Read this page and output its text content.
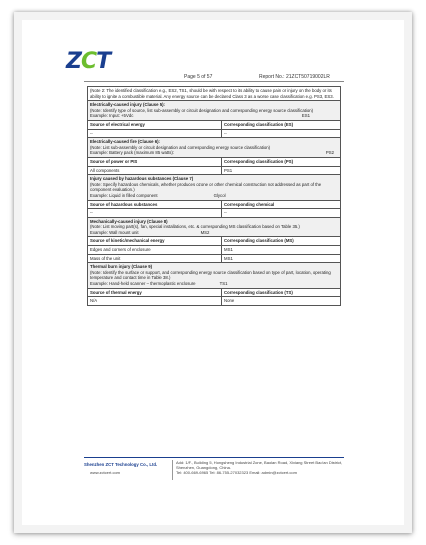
ZCT
Page 5 of 57	Report No.: 21ZCT50719002LR
(Note 2: The identified classification e.g., ES2, TS1, should be with respect to its ability to cause pain or injury on the body or its ability to ignite a combustible material. Any energy source can be declared Class 3 as a worse case classification e.g. PS3, ES3.
Electrically-caused injury (Clause 5):
(Note: Identify type of source, list sub-assembly or circuit designation and corresponding energy source classification)
Example: Input: +5Vdc	ES1
Source of electrical energy	Corresponding classification (ES)
--	--
Electrically-caused fire (Clause 6):
(Note: List sub-assembly or circuit designation and corresponding energy source classification)
Example: Battery pack (maximum 85 watts):	PS2
Source of power or PIS	Corresponding classification (PS)
All components	PS1
Injury caused by hazardous substances (Clause 7)
(Note: Specify hazardous chemicals, whether produces ozone or other chemical construction not addressed as part of the component evaluation.)
Example: Liquid in filled component	Glycol
Source of hazardous substances	Corresponding chemical
--	--
Mechanically-caused injury (Clause 8)
(Note: List moving part(s), fan, special installations, etc. & corresponding MS classification based on Table 35.)
Example: Wall mount unit	MS2
Source of kinetic/mechanical energy	Corresponding classification (MS)
Edges and corners of enclosure	MS1
Mass of the unit	MS1
Thermal burn injury (Clause 9)
(Note: Identify the surface or support, and corresponding energy source classification based on type of part, location, operating temperature and contact time in Table 38.)
Example: Hand-held scanner – thermoplastic enclosure	TS1
Source of thermal energy	Corresponding classification (TS)
N/A	None
Shenzhen ZCT Technology Co., Ltd.
www.zctcert.com
Add: 1/F., Building 5, Hongsheng Industrial Zone, Baolan Road, Xixiang Street Bao'an District, Shenzhen, Guangdong, China.
Tel: 400-669-6965 Tel: 86-755-27032323 Email: admin@zctcert.com
